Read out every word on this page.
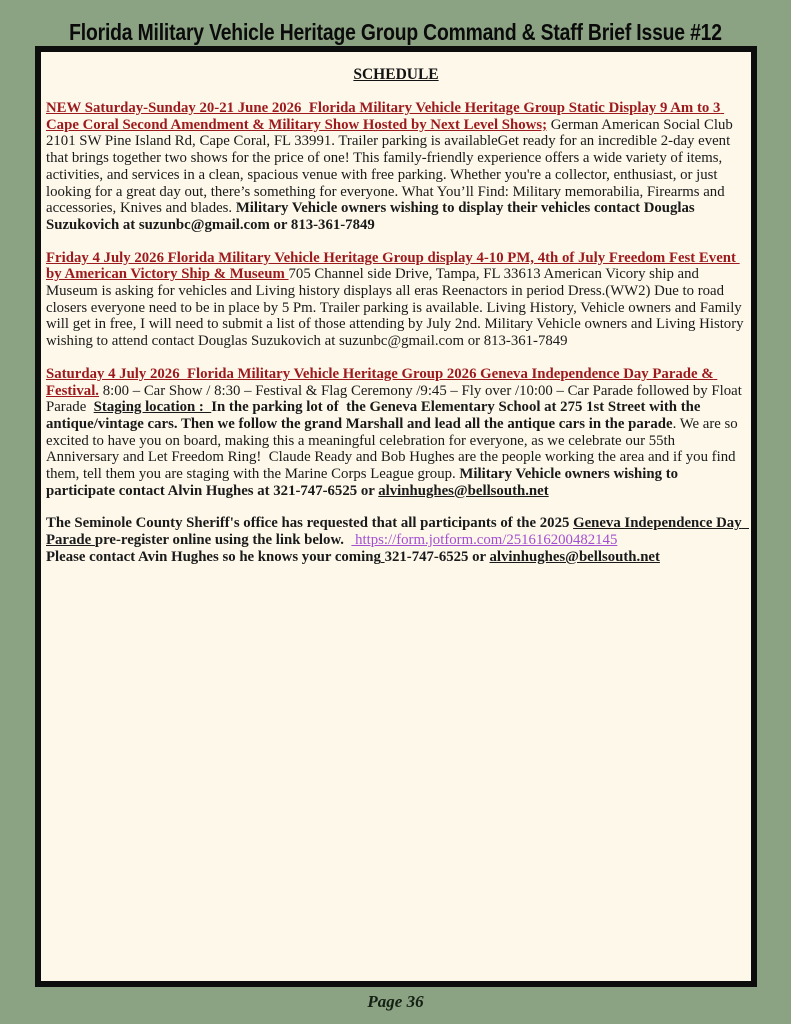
Florida Military Vehicle Heritage Group Command & Staff Brief Issue #12
SCHEDULE

NEW Saturday-Sunday 20-21 June 2026  Florida Military Vehicle Heritage Group Static Display 9 Am to 3 Cape Coral Second Amendment & Military Show Hosted by Next Level Shows; German American Social Club 2101 SW Pine Island Rd, Cape Coral, FL 33991. Trailer parking is availableGet ready for an incredible 2-day event that brings together two shows for the price of one! This family-friendly experience offers a wide variety of items, activities, and services in a clean, spacious venue with free parking. Whether you're a collector, enthusiast, or just looking for a great day out, there’s something for everyone. What You’ll Find: Military memorabilia, Firearms and accessories, Knives and blades. Military Vehicle owners wishing to display their vehicles contact Douglas Suzukovich at suzunbc@gmail.com or 813-361-7849

Friday 4 July 2026 Florida Military Vehicle Heritage Group display 4-10 PM, 4th of July Freedom Fest Event by American Victory Ship & Museum 705 Channel side Drive, Tampa, FL 33613 American Vicory ship and Museum is asking for vehicles and Living history displays all eras Reenactors in period Dress.(WW2) Due to road closers everyone need to be in place by 5 Pm. Trailer parking is available. Living History, Vehicle owners and Family will get in free, I will need to submit a list of those attending by July 2nd. Military Vehicle owners and Living History wishing to attend contact Douglas Suzukovich at suzunbc@gmail.com or 813-361-7849

Saturday 4 July 2026  Florida Military Vehicle Heritage Group 2026 Geneva Independence Day Parade & Festival. 8:00 – Car Show / 8:30 – Festival & Flag Ceremony /9:45 – Fly over /10:00 – Car Parade followed by Float Parade  Staging location :  In the parking lot of  the Geneva Elementary School at 275 1st Street with the antique/vintage cars. Then we follow the grand Marshall and lead all the antique cars in the parade. We are so excited to have you on board, making this a meaningful celebration for everyone, as we celebrate our 55th  Anniversary and Let Freedom Ring!  Claude Ready and Bob Hughes are the people working the area and if you find them, tell them you are staging with the Marine Corps League group. Military Vehicle owners wishing to participate contact Alvin Hughes at 321-747-6525 or alvinhughes@bellsouth.net

The Seminole County Sheriff's office has requested that all participants of the 2025 Geneva Independence Day  Parade pre-register online using the link below.   https://form.jotform.com/251616200482145
Please contact Avin Hughes so he knows your coming 321-747-6525 or alvinhughes@bellsouth.net

Page 36
